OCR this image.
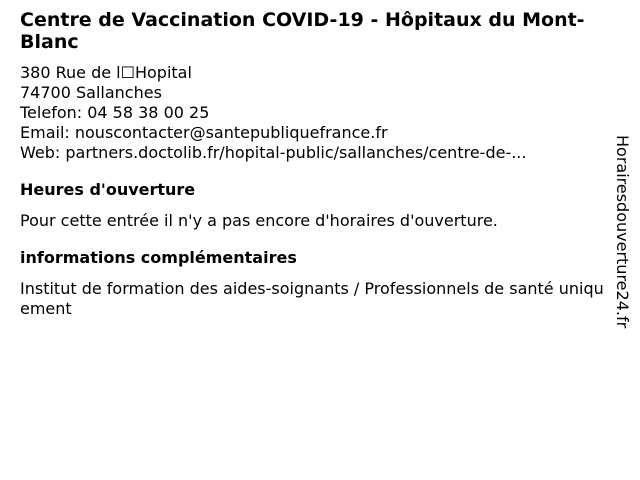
Centre de Vaccination COVID-19 - Hôpitaux du Mont-Blanc
380 Rue de l☐Hopital
74700 Sallanches
Telefon: 04 58 38 00 25
Email: nouscontacter@santepubliquefrance.fr
Web: partners.doctolib.fr/hopital-public/sallanches/centre-de-...
Heures d'ouverture
Pour cette entrée il n'y a pas encore d'horaires d'ouverture.
informations complémentaires
Institut de formation des aides-soignants / Professionnels de santé uniquement	Horairesdouverture24.fr
